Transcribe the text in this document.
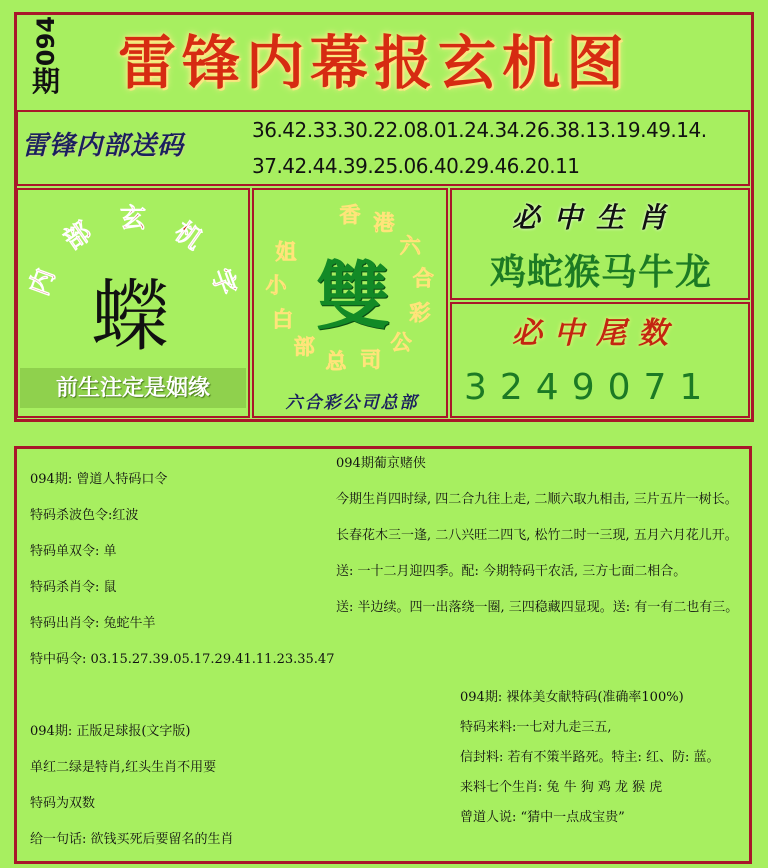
094
期 雷锋内幕报玄机图
雷锋内部送码
36.42.33.30.22.08.01.24.34.26.38.13.19.49.14.
37.42.44.39.25.06.40.29.46.20.11
内
部 玄 机
字
蠑
前生注定是姻缘
香 港
六
合
彩
公
司
总
部
白
小
姐
雙
六合彩公司总部
必中生肖
鸡蛇猴马牛龙
必中尾数
3249071
094期: 曾道人特码口令
特码杀波色令:红波
特码单双令: 单
特码杀肖令: 鼠
特码出肖令: 兔蛇牛羊
特中码令: 03.15.27.39.05.17.29.41.11.23.35.47
094期: 正版足球报(文字版)
单红二绿是特肖,红头生肖不用要
特码为双数
给一句话: 欲钱买死后要留名的生肖
094期葡京赌侠
今期生肖四时绿, 四二合九往上走, 二顺六取九相击, 三片五片一树长。
长春花木三一逢, 二八兴旺二四飞, 松竹二时一三现, 五月六月花儿开。
送: 一十二月迎四季。配: 今期特码干农活, 三方七面二相合。
送: 半边续。四一出落绕一圈, 三四稳藏四显现。送: 有一有二也有三。
094期: 裸体美女献特码(准确率100%)
特码来料:一七对九走三五,
信封料: 若有不策半路死。特主: 红、防: 蓝。
来料七个生肖: 兔 牛 狗 鸡 龙 猴 虎
曾道人说: “猜中一点成宝贵”
